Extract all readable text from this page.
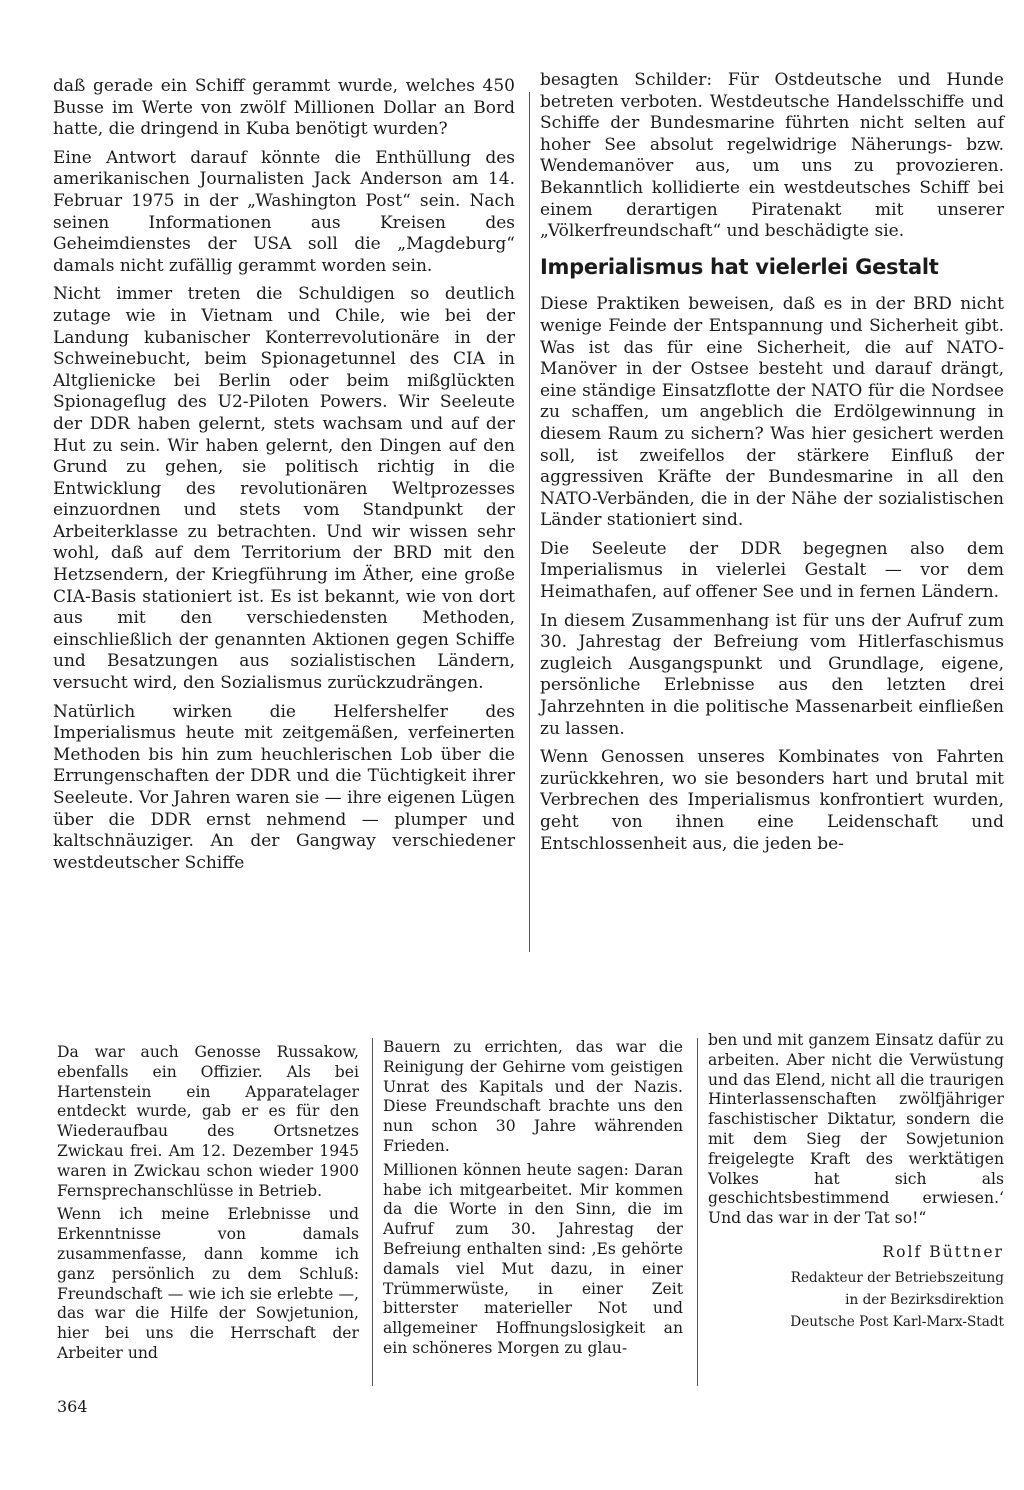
daß gerade ein Schiff gerammt wurde, welches 450 Busse im Werte von zwölf Millionen Dollar an Bord hatte, die dringend in Kuba benötigt wurden?

Eine Antwort darauf könnte die Enthüllung des amerikanischen Journalisten Jack Anderson am 14. Februar 1975 in der „Washington Post“ sein. Nach seinen Informationen aus Kreisen des Geheimdienstes der USA soll die „Magdeburg“ damals nicht zufällig gerammt worden sein.

Nicht immer treten die Schuldigen so deutlich zutage wie in Vietnam und Chile, wie bei der Landung kubanischer Konterrevolutionäre in der Schweinebucht, beim Spionagetunnel des CIA in Altglienicke bei Berlin oder beim mißglückten Spionageflug des U2-Piloten Powers. Wir Seeleute der DDR haben gelernt, stets wachsam und auf der Hut zu sein. Wir haben gelernt, den Dingen auf den Grund zu gehen, sie politisch richtig in die Entwicklung des revolutionären Weltprozesses einzuordnen und stets vom Standpunkt der Arbeiterklasse zu betrachten. Und wir wissen sehr wohl, daß auf dem Territorium der BRD mit den Hetzsendern, der Kriegführung im Äther, eine große CIA-Basis stationiert ist. Es ist bekannt, wie von dort aus mit den verschiedensten Methoden, einschließlich der genannten Aktionen gegen Schiffe und Besatzungen aus sozialistischen Ländern, versucht wird, den Sozialismus zurückzudrängen.

Natürlich wirken die Helfershelfer des Imperialismus heute mit zeitgemäßen, verfeinerten Methoden bis hin zum heuchlerischen Lob über die Errungenschaften der DDR und die Tüchtigkeit ihrer Seeleute. Vor Jahren waren sie — ihre eigenen Lügen über die DDR ernst nehmend — plumper und kaltschnäuziger. An der Gangway verschiedener westdeutscher Schiffe

besagten Schilder: Für Ostdeutsche und Hunde betreten verboten. Westdeutsche Handelsschiffe und Schiffe der Bundesmarine führten nicht selten auf hoher See absolut regelwidrige Näherungs- bzw. Wendemanöver aus, um uns zu provozieren. Bekanntlich kollidierte ein westdeutsches Schiff bei einem derartigen Piratenakt mit unserer „Völkerfreundschaft“ und beschädigte sie.

Imperialismus hat vielerlei Gestalt

Diese Praktiken beweisen, daß es in der BRD nicht wenige Feinde der Entspannung und Sicherheit gibt. Was ist das für eine Sicherheit, die auf NATO-Manöver in der Ostsee besteht und darauf drängt, eine ständige Einsatzflotte der NATO für die Nordsee zu schaffen, um angeblich die Erdölgewinnung in diesem Raum zu sichern? Was hier gesichert werden soll, ist zweifellos der stärkere Einfluß der aggressiven Kräfte der Bundesmarine in all den NATO-Verbänden, die in der Nähe der sozialistischen Länder stationiert sind.

Die Seeleute der DDR begegnen also dem Imperialismus in vielerlei Gestalt — vor dem Heimathafen, auf offener See und in fernen Ländern.

In diesem Zusammenhang ist für uns der Aufruf zum 30. Jahrestag der Befreiung vom Hitlerfaschismus zugleich Ausgangspunkt und Grundlage, eigene, persönliche Erlebnisse aus den letzten drei Jahrzehnten in die politische Massenarbeit einfließen zu lassen.

Wenn Genossen unseres Kombinates von Fahrten zurückkehren, wo sie besonders hart und brutal mit Verbrechen des Imperialismus konfrontiert wurden, geht von ihnen eine Leidenschaft und Entschlossenheit aus, die jeden be-

Da war auch Genosse Russakow, ebenfalls ein Offizier. Als bei Hartenstein ein Apparatelager entdeckt wurde, gab er es für den Wiederaufbau des Ortsnetzes Zwickau frei. Am 12. Dezember 1945 waren in Zwickau schon wieder 1900 Fernsprechanschlüsse in Betrieb.

Wenn ich meine Erlebnisse und Erkenntnisse von damals zusammenfasse, dann komme ich ganz persönlich zu dem Schluß: Freundschaft — wie ich sie erlebte —, das war die Hilfe der Sowjetunion, hier bei uns die Herrschaft der Arbeiter und

Bauern zu errichten, das war die Reinigung der Gehirne vom geistigen Unrat des Kapitals und der Nazis. Diese Freundschaft brachte uns den nun schon 30 Jahre währenden Frieden.

Millionen können heute sagen: Daran habe ich mitgearbeitet. Mir kommen da die Worte in den Sinn, die im Aufruf zum 30. Jahrestag der Befreiung enthalten sind: ‚Es gehörte damals viel Mut dazu, in einer Trümmerwüste, in einer Zeit bitterster materieller Not und allgemeiner Hoffnungslosigkeit an ein schöneres Morgen zu glau-

ben und mit ganzem Einsatz dafür zu arbeiten. Aber nicht die Verwüstung und das Elend, nicht all die traurigen Hinterlassenschaften zwölfjähriger faschistischer Diktatur, sondern die mit dem Sieg der Sowjetunion freigelegte Kraft des werktätigen Volkes hat sich als geschichtsbestimmend erwiesen.‘ Und das war in der Tat so!“

Rolf Büttner

Redakteur der Betriebszeitung

in der Bezirksdirektion

Deutsche Post Karl-Marx-Stadt

364
